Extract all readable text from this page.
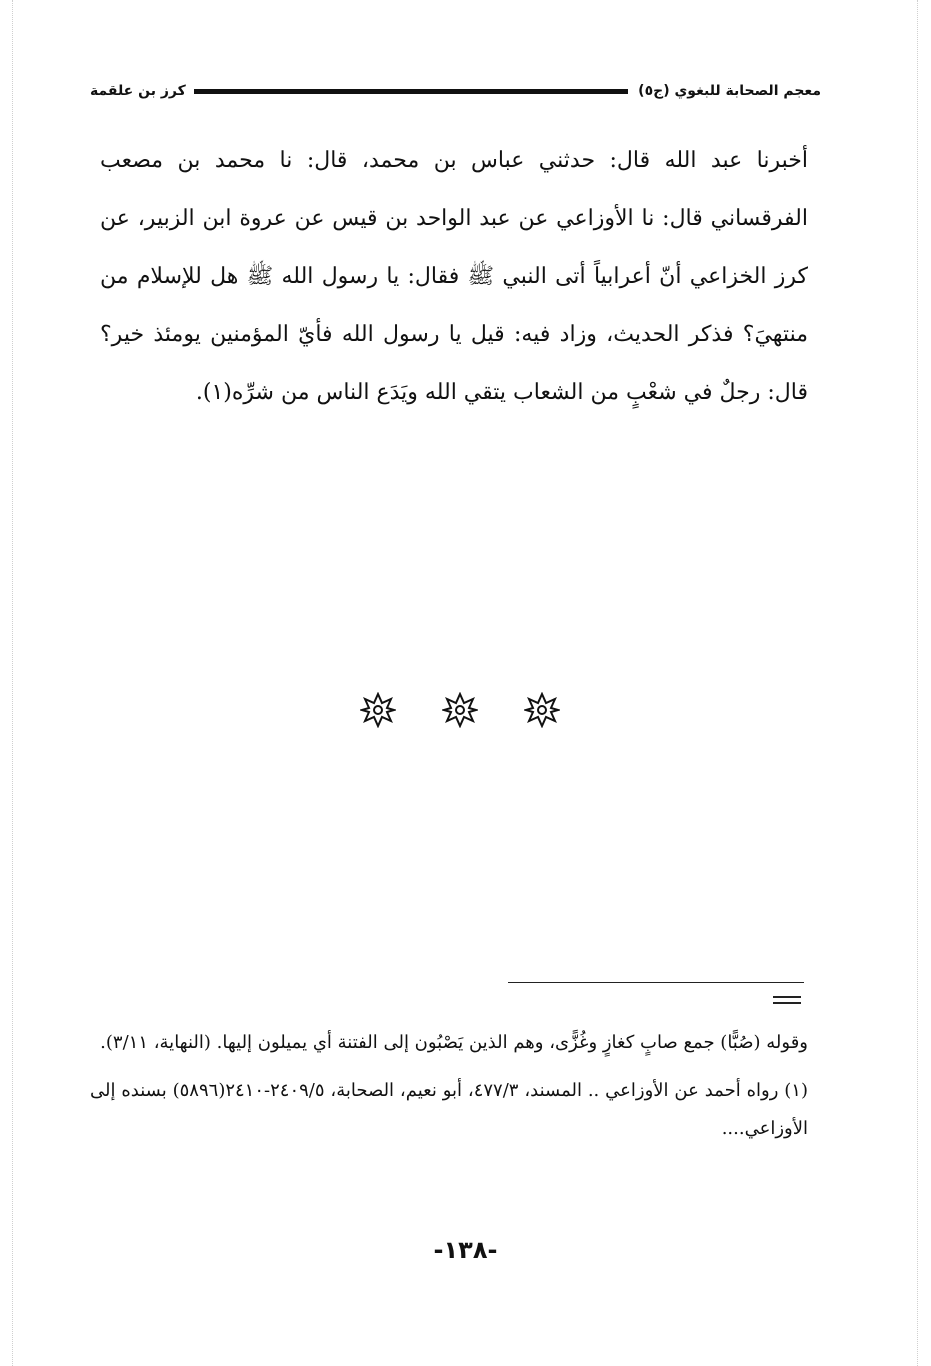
معجم الصحابة للبغوي (ج٥)
كرز بن علقمة
أخبرنا عبد الله قال: حدثني عباس بن محمد، قال: نا محمد بن مصعب الفرقساني قال: نا الأوزاعي عن عبد الواحد بن قيس عن عروة ابن الزبير، عن كرز الخزاعي أنّ أعرابياً أتى النبي ﷺ فقال: يا رسول الله ﷺ هل للإسلام من منتهيَ؟ فذكر الحديث، وزاد فيه: قيل يا رسول الله فأيّ المؤمنين يومئذ خير؟ قال: رجلٌ في شعْبٍ من الشعاب يتقي الله ويَدَع الناس من شرِّه(١).

وقوله (صُبًّا) جمع صابٍ كغازٍ وغُزًّى، وهم الذين يَصْبُون إلى الفتنة أي يميلون إليها. (النهاية، ٣/١١).

(١) رواه أحمد عن الأوزاعي .. المسند، ٤٧٧/٣، أبو نعيم، الصحابة، ٢٤٠٩/٥-٢٤١٠(٥٨٩٦) بسنده إلى الأوزاعي....

-١٣٨-
